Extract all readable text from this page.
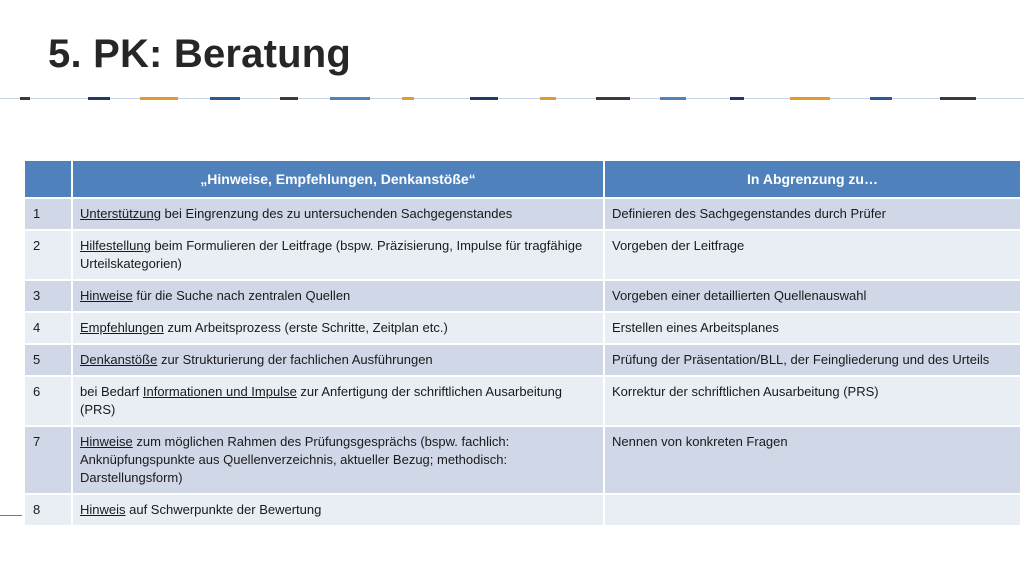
5. PK: Beratung
	„Hinweise, Empfehlungen, Denkanstöße“	In Abgrenzung zu…
1	Unterstützung bei Eingrenzung des zu untersuchenden Sachgegenstandes	Definieren des Sachgegenstandes durch Prüfer
2	Hilfestellung beim Formulieren der Leitfrage (bspw. Präzisierung, Impulse für tragfähige Urteilskategorien)	Vorgeben der Leitfrage
3	Hinweise für die Suche nach zentralen Quellen	Vorgeben einer detaillierten Quellenauswahl
4	Empfehlungen zum Arbeitsprozess (erste Schritte, Zeitplan etc.)	Erstellen eines Arbeitsplanes
5	Denkanstöße zur Strukturierung der fachlichen Ausführungen	Prüfung der Präsentation/BLL, der Feingliederung und des Urteils
6	bei Bedarf Informationen und Impulse zur Anfertigung der schriftlichen Ausarbeitung (PRS)	Korrektur der schriftlichen Ausarbeitung (PRS)
7	Hinweise zum möglichen Rahmen des Prüfungsgesprächs (bspw. fachlich: Anknüpfungspunkte aus Quellenverzeichnis, aktueller Bezug; methodisch: Darstellungsform)	Nennen von konkreten Fragen
8	Hinweis auf Schwerpunkte der Bewertung	
